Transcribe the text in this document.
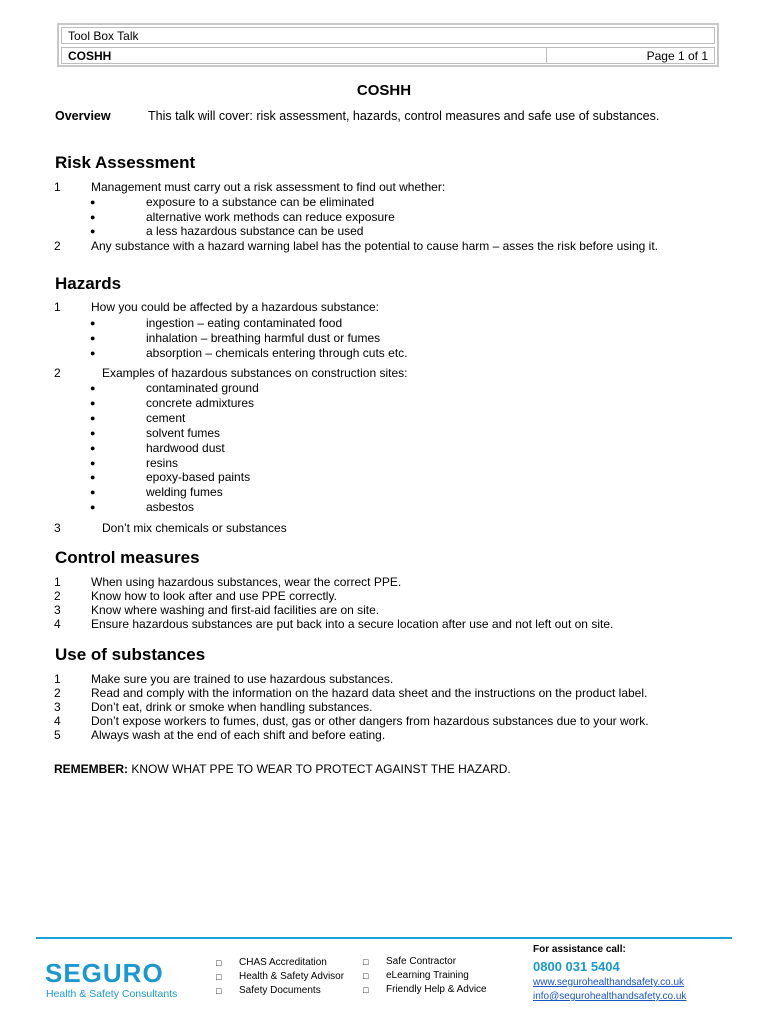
Tool Box Talk
COSHH	Page 1 of 1
COSHH
Overview	This talk will cover: risk assessment, hazards, control measures and safe use of substances.
Risk Assessment
1	Management must carry out a risk assessment to find out whether:
●	exposure to a substance can be eliminated
●	alternative work methods can reduce exposure
●	a less hazardous substance can be used
2	Any substance with a hazard warning label has the potential to cause harm – asses the risk before using it.
Hazards
1	How you could be affected by a hazardous substance:
●	ingestion – eating contaminated food
●	inhalation – breathing harmful dust or fumes
●	absorption – chemicals entering through cuts etc.
2	Examples of hazardous substances on construction sites:
●	contaminated ground
●	concrete admixtures
●	cement
●	solvent fumes
●	hardwood dust
●	resins
●	epoxy-based paints
●	welding fumes
●	asbestos
3	Don’t mix chemicals or substances
Control measures
1	When using hazardous substances, wear the correct PPE.
2	Know how to look after and use PPE correctly.
3	Know where washing and first-aid facilities are on site.
4	Ensure hazardous substances are put back into a secure location after use and not left out on site.
Use of substances
1	Make sure you are trained to use hazardous substances.
2	Read and comply with the information on the hazard data sheet and the instructions on the product label.
3	Don’t eat, drink or smoke when handling substances.
4	Don’t expose workers to fumes, dust, gas or other dangers from hazardous substances due to your work.
5	Always wash at the end of each shift and before eating.
REMEMBER: KNOW WHAT PPE TO WEAR TO PROTECT AGAINST THE HAZARD.
SEGURO
Health & Safety Consultants
□ CHAS Accreditation
□ Health & Safety Advisor
□ Safety Documents
□ Safe Contractor
□ eLearning Training
□ Friendly Help & Advice
For assistance call:
0800 031 5404
www.segurohealthandsafety.co.uk
info@segurohealthandsafety.co.uk
